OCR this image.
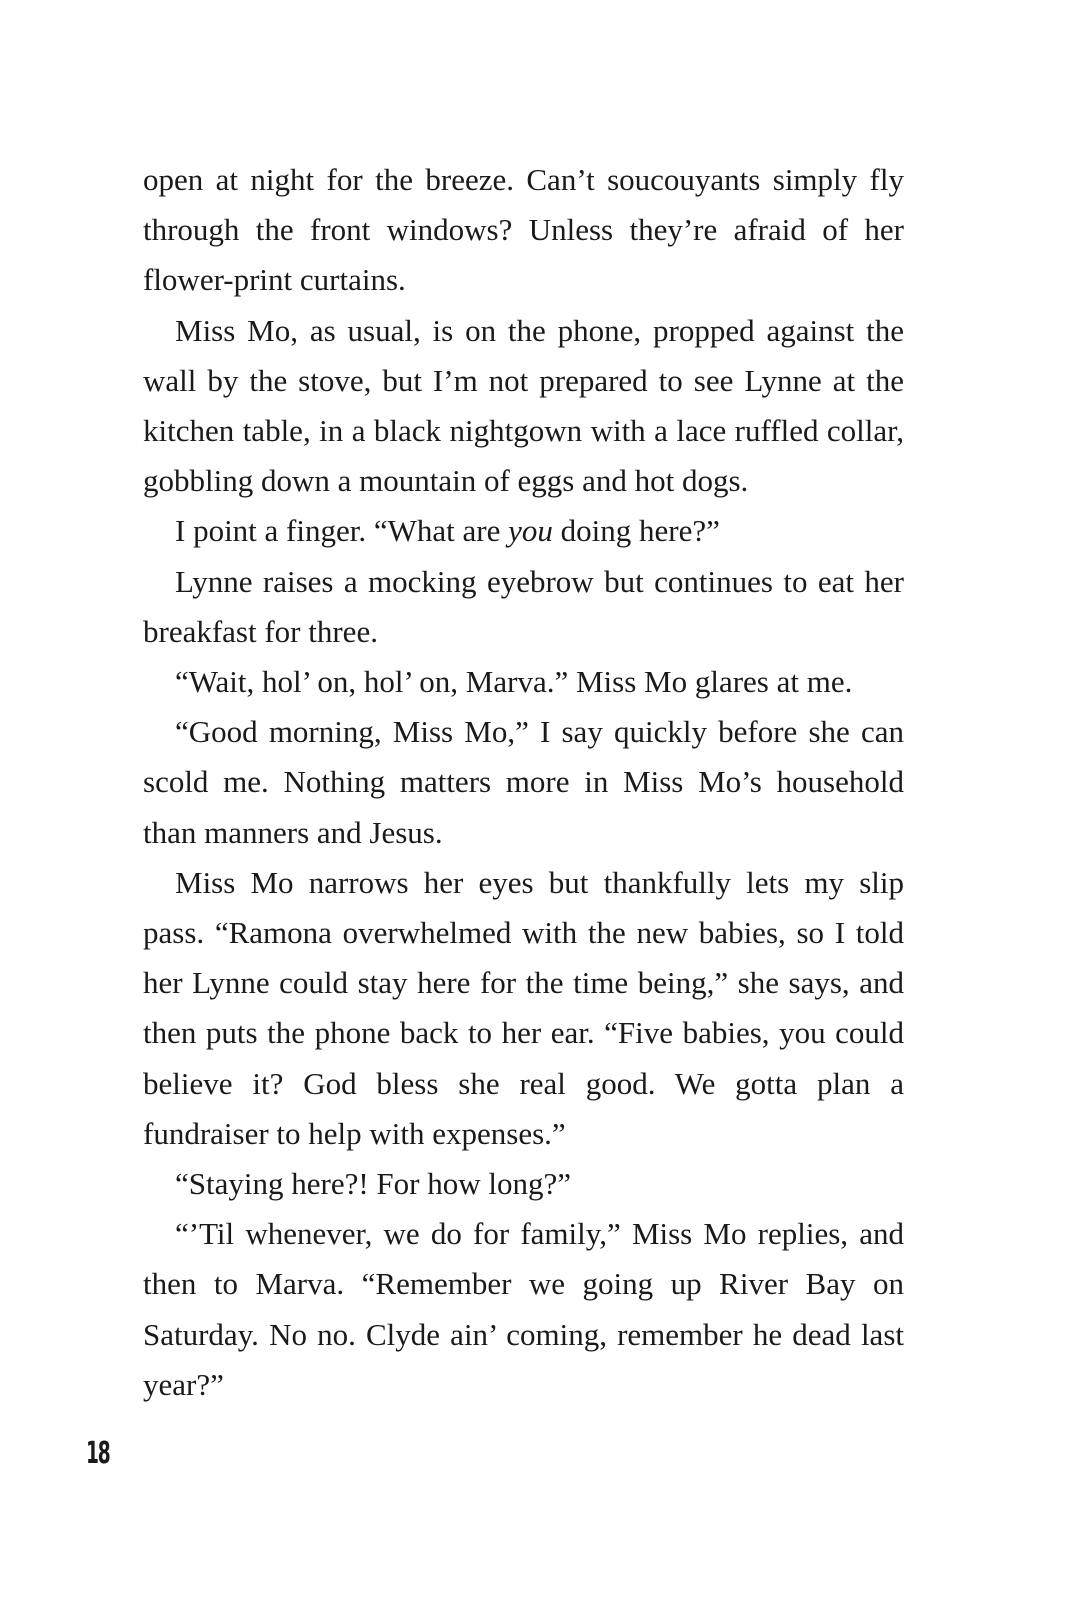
open at night for the breeze. Can’t soucouyants simply fly through the front windows? Unless they’re afraid of her flower-print curtains.

Miss Mo, as usual, is on the phone, propped against the wall by the stove, but I’m not prepared to see Lynne at the kitchen table, in a black nightgown with a lace ruffled collar, gobbling down a mountain of eggs and hot dogs.

I point a finger. “What are you doing here?”

Lynne raises a mocking eyebrow but continues to eat her breakfast for three.

“Wait, hol’ on, hol’ on, Marva.” Miss Mo glares at me.

“Good morning, Miss Mo,” I say quickly before she can scold me. Nothing matters more in Miss Mo’s household than manners and Jesus.

Miss Mo narrows her eyes but thankfully lets my slip pass. “Ramona overwhelmed with the new babies, so I told her Lynne could stay here for the time being,” she says, and then puts the phone back to her ear. “Five babies, you could believe it? God bless she real good. We gotta plan a fundraiser to help with expenses.”

“Staying here?! For how long?”

“’Til whenever, we do for family,” Miss Mo replies, and then to Marva. “Remember we going up River Bay on Saturday. No no. Clyde ain’ coming, remember he dead last year?”

18
